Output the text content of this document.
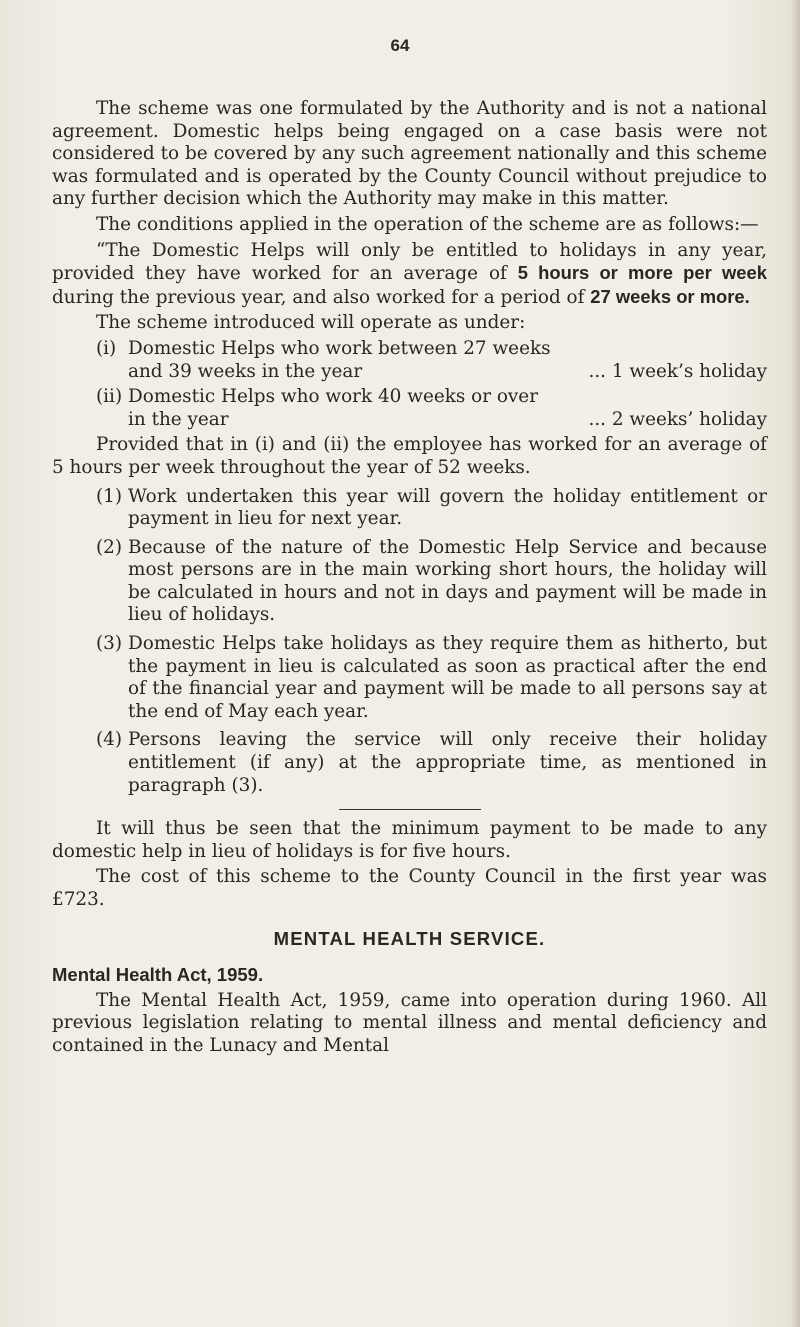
64

The scheme was one formulated by the Authority and is not a national agreement. Domestic helps being engaged on a case basis were not considered to be covered by any such agreement nationally and this scheme was formulated and is operated by the County Council without prejudice to any further decision which the Authority may make in this matter.

The conditions applied in the operation of the scheme are as follows:—

“The Domestic Helps will only be entitled to holidays in any year, provided they have worked for an average of 5 hours or more per week during the previous year, and also worked for a period of 27 weeks or more.

The scheme introduced will operate as under:

(i) Domestic Helps who work between 27 weeks
and 39 weeks in the year	... 1 week’s holiday
(ii) Domestic Helps who work 40 weeks or over
in the year	... 2 weeks’ holiday

Provided that in (i) and (ii) the employee has worked for an average of 5 hours per week throughout the year of 52 weeks.

(1) Work undertaken this year will govern the holiday entitlement or payment in lieu for next year.
(2) Because of the nature of the Domestic Help Service and because most persons are in the main working short hours, the holiday will be calculated in hours and not in days and payment will be made in lieu of holidays.
(3) Domestic Helps take holidays as they require them as hitherto, but the payment in lieu is calculated as soon as practical after the end of the financial year and payment will be made to all persons say at the end of May each year.
(4) Persons leaving the service will only receive their holiday entitlement (if any) at the appropriate time, as mentioned in paragraph (3).

It will thus be seen that the minimum payment to be made to any domestic help in lieu of holidays is for five hours.

The cost of this scheme to the County Council in the first year was £723.

MENTAL HEALTH SERVICE.
Mental Health Act, 1959.

The Mental Health Act, 1959, came into operation during 1960. All previous legislation relating to mental illness and mental deficiency and contained in the Lunacy and Mental
